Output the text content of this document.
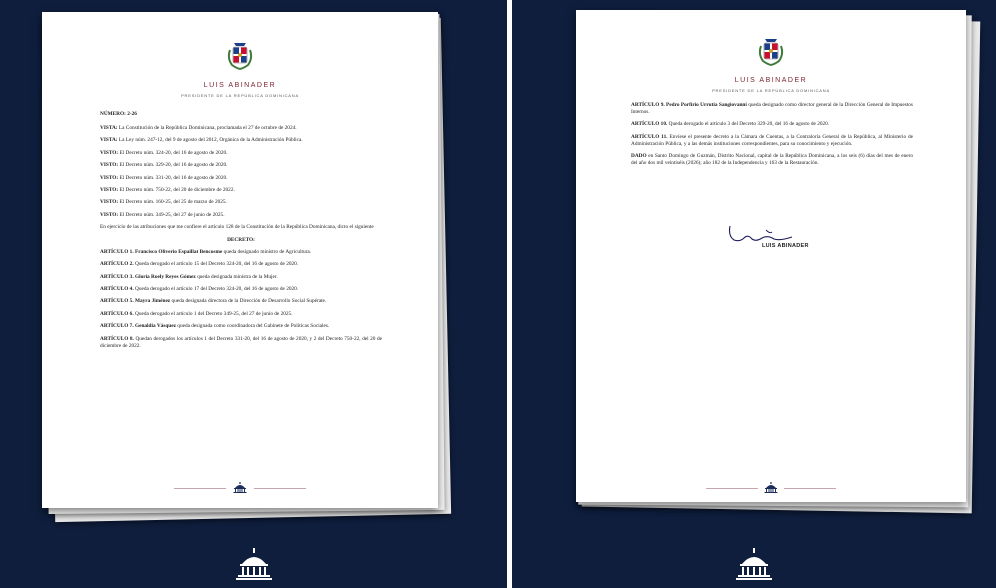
LUIS ABINADER
PRESIDENTE DE LA REPÚBLICA DOMINICANA

NÚMERO: 2-26

VISTA: La Constitución de la República Dominicana, proclamada el 27 de octubre de 2024.

VISTA: La Ley núm. 247-12, del 9 de agosto del 2012, Orgánica de la Administración Pública.

VISTO: El Decreto núm. 324-20, del 16 de agosto de 2020.

VISTO: El Decreto núm. 329-20, del 16 de agosto de 2020.

VISTO: El Decreto núm. 331-20, del 16 de agosto de 2020.

VISTO: El Decreto núm. 750-22, del 20 de diciembre de 2022.

VISTO: El Decreto núm. 160-25, del 25 de marzo de 2025.

VISTO: El Decreto núm. 349-25, del 27 de junio de 2025.

En ejercicio de las atribuciones que me confiere el artículo 128 de la Constitución de la República Dominicana, dicto el siguiente

DECRETO:

ARTÍCULO 1. Francisco Oliverio Espaillat Bencosme queda designado ministro de Agricultura.

ARTÍCULO 2. Queda derogado el artículo 15 del Decreto 324-20, del 16 de agosto de 2020.

ARTÍCULO 3. Gloria Roely Reyes Gómez queda designada ministra de la Mujer.

ARTÍCULO 4. Queda derogado el artículo 17 del Decreto 324-20, del 16 de agosto de 2020.

ARTÍCULO 5. Mayra Jiménez queda designada directora de la Dirección de Desarrollo Social Supérate.

ARTÍCULO 6. Queda derogado el artículo 1 del Decreto 349-25, del 27 de junio de 2025.

ARTÍCULO 7. Genaldia Vásquez queda designada como coordinadora del Gabinete de Políticas Sociales.

ARTÍCULO 8. Quedan derogados los artículos 1 del Decreto 331-20, del 16 de agosto de 2020, y 2 del Decreto 750-22, del 20 de diciembre de 2022.

LUIS ABINADER
PRESIDENTE DE LA REPÚBLICA DOMINICANA

ARTÍCULO 9. Pedro Porfirio Urrutia Sangiovanni queda designado como director general de la Dirección General de Impuestos Internos.

ARTÍCULO 10. Queda derogado el artículo 3 del Decreto 329-20, del 16 de agosto de 2020.

ARTÍCULO 11. Envíese el presente decreto a la Cámara de Cuentas, a la Contraloría General de la República, al Ministerio de Administración Pública, y a las demás instituciones correspondientes, para su conocimiento y ejecución.

DADO en Santo Domingo de Guzmán, Distrito Nacional, capital de la República Dominicana, a los seis (6) días del mes de enero del año dos mil veintiséis (2026); año 182 de la Independencia y 163 de la Restauración.

LUIS ABINADER
